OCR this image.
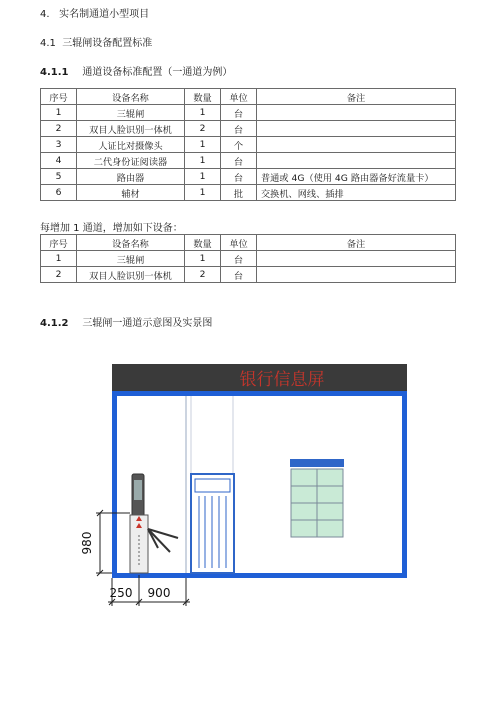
4. 实名制通道小型项目
4.1 三辊闸设备配置标准
4.1.1 通道设备标准配置（一通道为例）
序号	设备名称	数量	单位	备注
1	三辊闸	1	台	
2	双目人脸识别一体机	2	台	
3	人证比对摄像头	1	个	
4	二代身份证阅读器	1	台	
5	路由器	1	台	普通或 4G（使用 4G 路由器备好流量卡）
6	辅材	1	批	交换机、网线、插排
每增加 1 通道，增加如下设备：
序号	设备名称	数量	单位	备注
1	三辊闸	1	台	
2	双目人脸识别一体机	2	台	
4.1.2 三辊闸一通道示意图及实景图
银行信息屏
980
250 900
